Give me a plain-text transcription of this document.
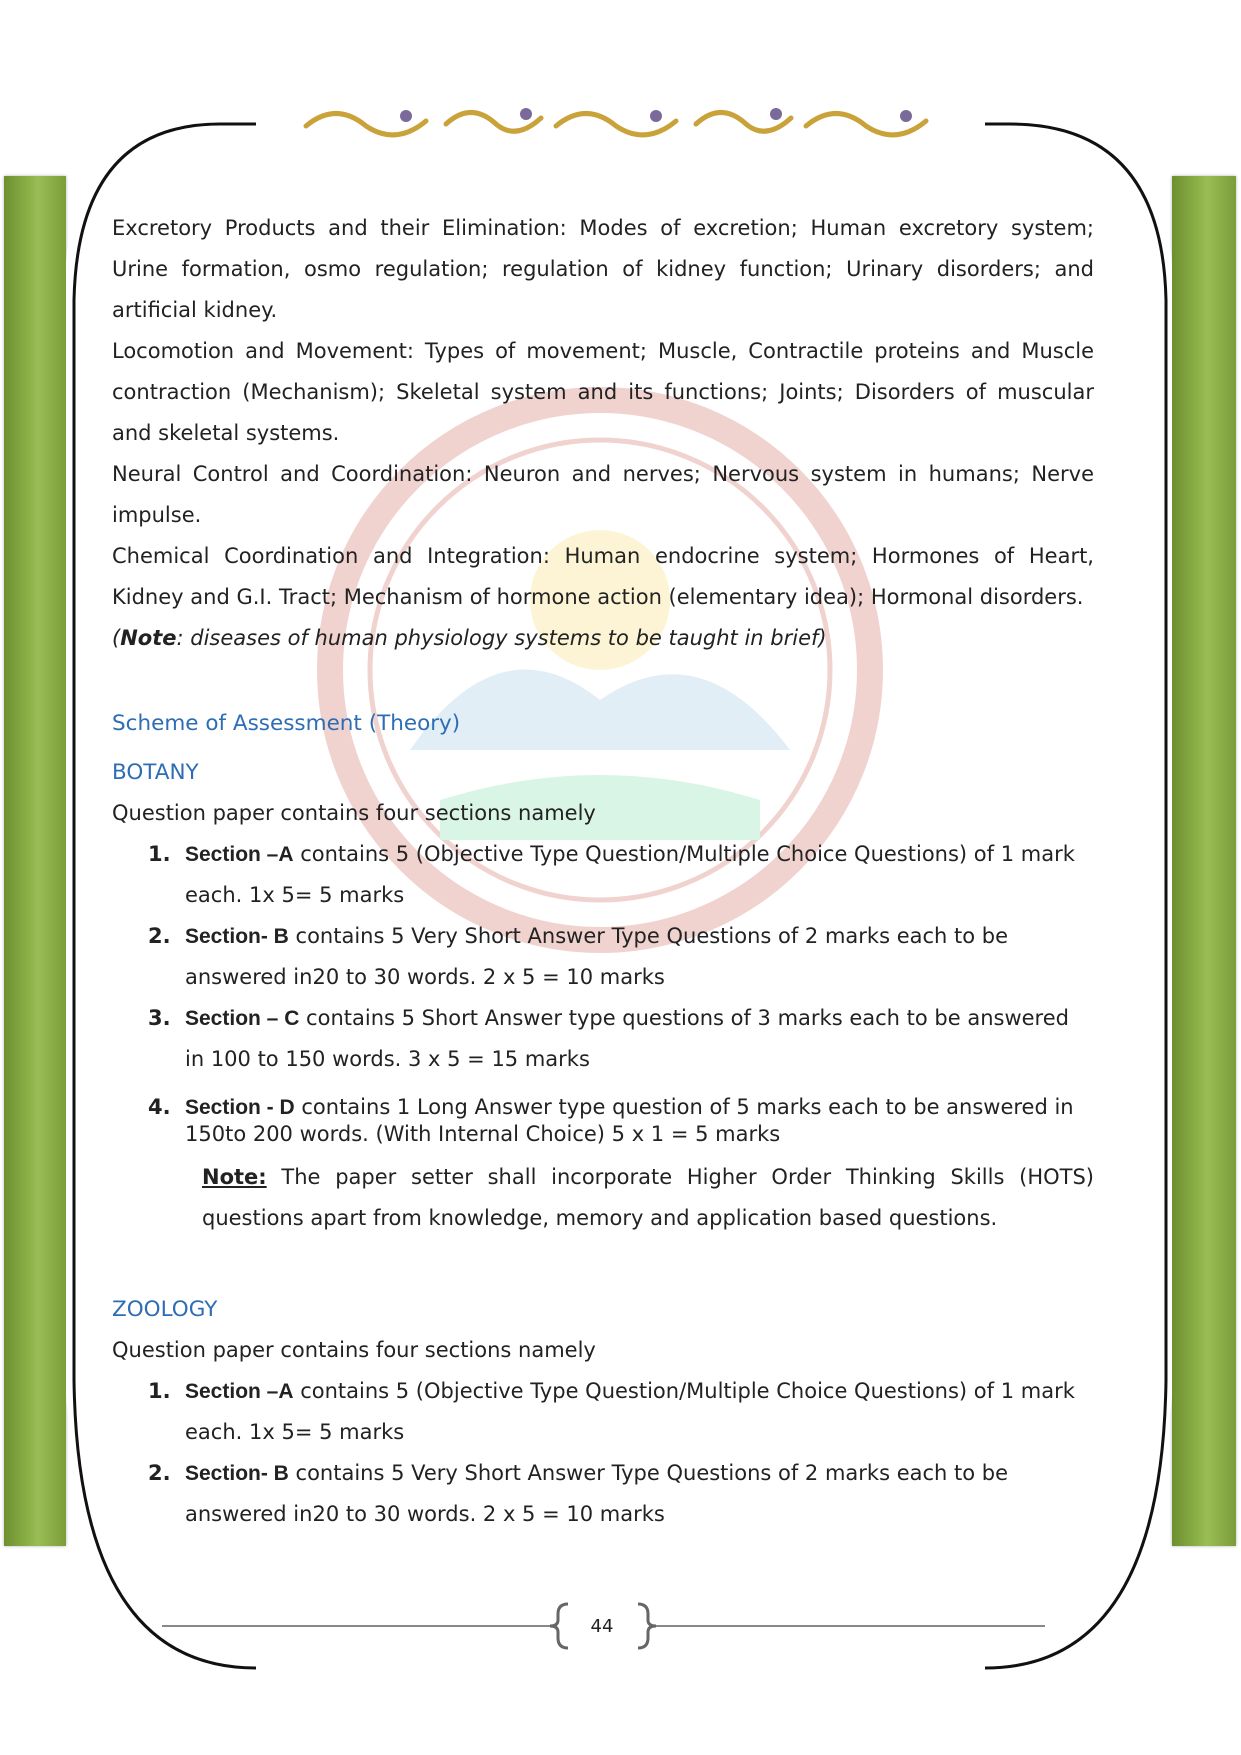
Excretory Products and their Elimination: Modes of excretion; Human excretory system; Urine formation, osmo regulation; regulation of kidney function; Urinary disorders; and artificial kidney.

Locomotion and Movement: Types of movement; Muscle, Contractile proteins and Muscle contraction (Mechanism); Skeletal system and its functions; Joints; Disorders of muscular and skeletal systems.

Neural Control and Coordination: Neuron and nerves; Nervous system in humans; Nerve impulse.

Chemical Coordination and Integration: Human endocrine system; Hormones of Heart, Kidney and G.I. Tract; Mechanism of hormone action (elementary idea); Hormonal disorders.

(Note: diseases of human physiology systems to be taught in brief)

Scheme of Assessment (Theory)

BOTANY

Question paper contains four sections namely

1. Section –A contains 5 (Objective Type Question/Multiple Choice Questions) of 1 mark each. 1x 5= 5 marks
2. Section- B contains 5 Very Short Answer Type Questions of 2 marks each to be answered in20 to 30 words. 2 x 5 = 10 marks
3. Section – C contains 5 Short Answer type questions of 3 marks each to be answered in 100 to 150 words. 3 x 5 = 15 marks
4. Section - D contains 1 Long Answer type question of 5 marks each to be answered in 150to 200 words. (With Internal Choice) 5 x 1 = 5 marks

Note: The paper setter shall incorporate Higher Order Thinking Skills (HOTS) questions apart from knowledge, memory and application based questions.

ZOOLOGY

Question paper contains four sections namely

1. Section –A contains 5 (Objective Type Question/Multiple Choice Questions) of 1 mark each. 1x 5= 5 marks
2. Section- B contains 5 Very Short Answer Type Questions of 2 marks each to be answered in20 to 30 words. 2 x 5 = 10 marks
44
